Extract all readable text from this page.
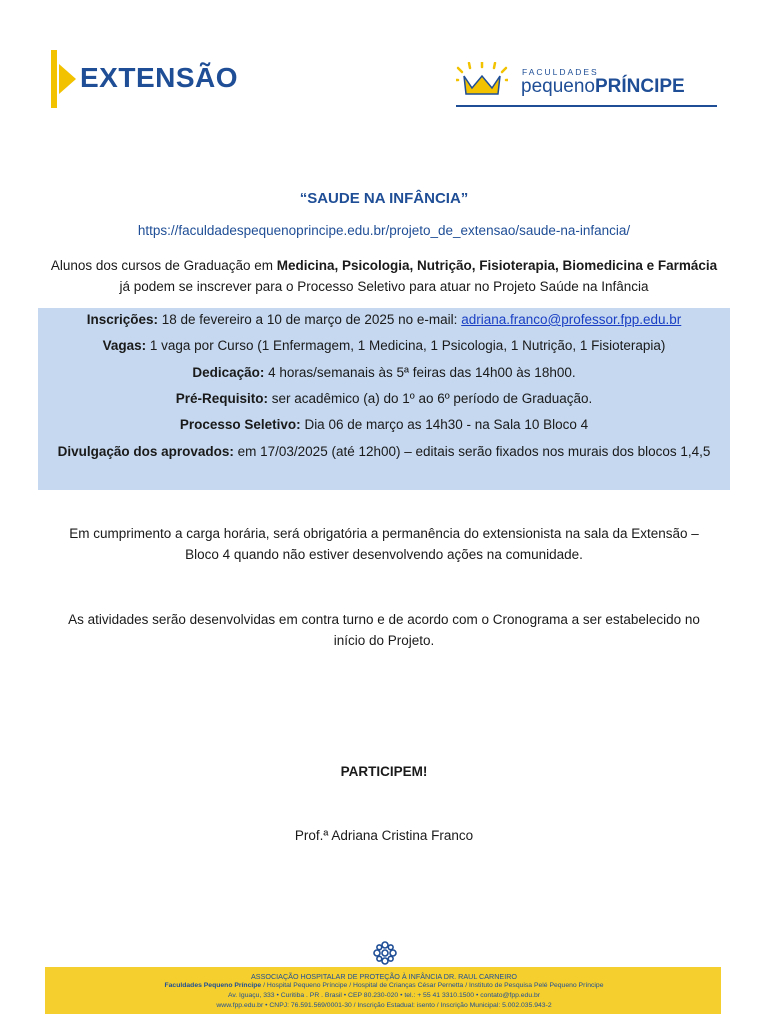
EXTENSÃO	FACULDADES
pequenoPRÍNCIPE
“SAUDE NA INFÂNCIA”
https://faculdadespequenoprincipe.edu.br/projeto_de_extensao/saude-na-infancia/
Alunos dos cursos de Graduação em Medicina, Psicologia, Nutrição, Fisioterapia, Biomedicina e Farmácia
já podem se inscrever para o Processo Seletivo para atuar no Projeto Saúde na Infância
Inscrições: 18 de fevereiro a 10 de março de 2025 no e-mail: adriana.franco@professor.fpp.edu.br
Vagas: 1 vaga por Curso (1 Enfermagem, 1 Medicina, 1 Psicologia, 1 Nutrição, 1 Fisioterapia)
Dedicação: 4 horas/semanais às 5ª feiras das 14h00 às 18h00.
Pré-Requisito: ser acadêmico (a) do 1º ao 6º período de Graduação.
Processo Seletivo: Dia 06 de março as 14h30 - na Sala 10 Bloco 4
Divulgação dos aprovados: em 17/03/2025 (até 12h00) – editais serão fixados nos murais dos blocos 1,4,5
Em cumprimento a carga horária, será obrigatória a permanência do extensionista na sala da Extensão –
Bloco 4 quando não estiver desenvolvendo ações na comunidade.
As atividades serão desenvolvidas em contra turno e de acordo com o Cronograma a ser estabelecido no
início do Projeto.
PARTICIPEM!
Prof.ª Adriana Cristina Franco
ASSOCIAÇÃO HOSPITALAR DE PROTEÇÃO À INFÂNCIA DR. RAUL CARNEIRO
Faculdades Pequeno Príncipe / Hospital Pequeno Príncipe / Hospital de Crianças César Pernetta / Instituto de Pesquisa Pelé Pequeno Príncipe
Av. Iguaçu, 333 • Curitiba . PR . Brasil • CEP 80.230-020 • tel.: + 55 41 3310.1500 • contato@fpp.edu.br
www.fpp.edu.br • CNPJ: 76.591.569/0001-30 / Inscrição Estadual: isento / Inscrição Municipal: 5.002.035.943-2
